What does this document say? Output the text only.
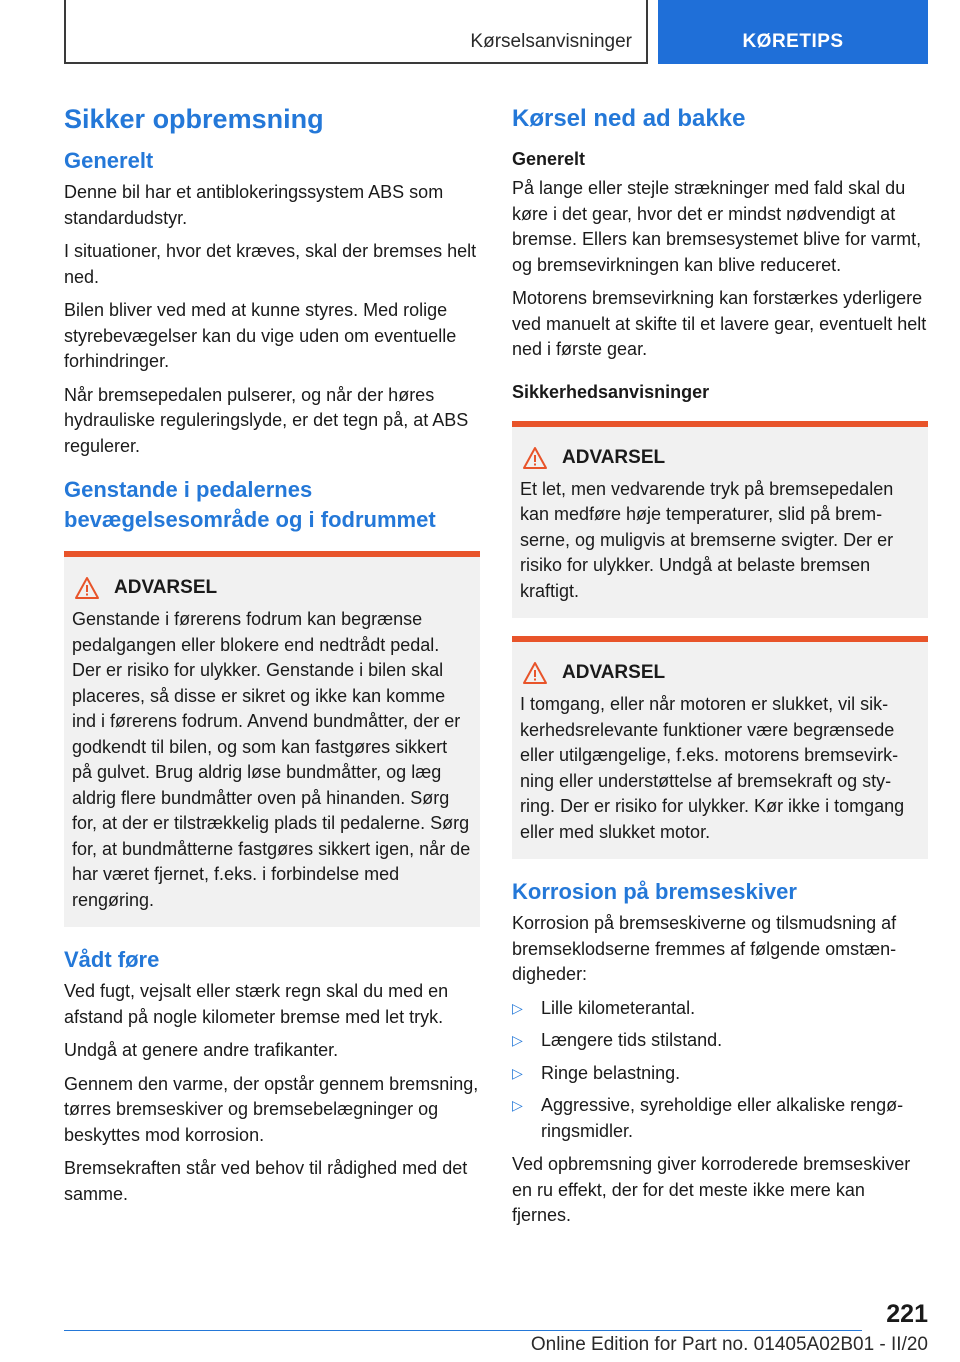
Kørselsanvisninger	KØRETIPS
Sikker opbremsning
Generelt

Denne bil har et antiblokeringssystem ABS som standardudstyr.

I situationer, hvor det kræves, skal der bremses helt ned.

Bilen bliver ved med at kunne styres. Med rolige styrebevægelser kan du vige uden om eventuelle forhindringer.

Når bremsepedalen pulserer, og når der høres hydrauliske reguleringslyde, er det tegn på, at ABS regulerer.

Genstande i pedalernes bevægelsesområde og i fodrummet
ADVARSEL

Genstande i førerens fodrum kan begrænse pedalgangen eller blokere end nedtrådt pedal. Der er risiko for ulykker. Genstande i bilen skal placeres, så disse er sikret og ikke kan komme ind i førerens fodrum. Anvend bundmåtter, der er godkendt til bilen, og som kan fastgøres sikkert på gulvet. Brug aldrig løse bundmåtter, og læg aldrig flere bundmåtter oven på hinanden. Sørg for, at der er tilstrækkelig plads til pedalerne. Sørg for, at bundmåtterne fastgøres sikkert igen, når de har været fjernet, f.eks. i forbindelse med rengøring.

Vådt føre

Ved fugt, vejsalt eller stærk regn skal du med en afstand på nogle kilometer bremse med let tryk.

Undgå at genere andre trafikanter.

Gennem den varme, der opstår gennem bremsning, tørres bremseskiver og bremsebelægninger og beskyttes mod korrosion.

Bremsekraften står ved behov til rådighed med det samme.

Kørsel ned ad bakke
Generelt

På lange eller stejle strækninger med fald skal du køre i det gear, hvor det er mindst nødvendigt at bremse. Ellers kan bremsesystemet blive for varmt, og bremsevirkningen kan blive reduceret.

Motorens bremsevirkning kan forstærkes yderligere ved manuelt at skifte til et lavere gear, eventuelt helt ned i første gear.

Sikkerhedsanvisninger
ADVARSEL

Et let, men vedvarende tryk på bremsepedalen kan medføre høje temperaturer, slid på bremserne, og muligvis at bremserne svigter. Der er risiko for ulykker. Undgå at belaste bremsen kraftigt.

ADVARSEL

I tomgang, eller når motoren er slukket, vil sikkerhedsrelevante funktioner være begrænsede eller utilgængelige, f.eks. motorens bremsevirkning eller understøttelse af bremsekraft og styring. Der er risiko for ulykker. Kør ikke i tomgang eller med slukket motor.

Korrosion på bremseskiver

Korrosion på bremseskiverne og tilsmudsning af bremseklodserne fremmes af følgende omstændigheder:

▷	Lille kilometerantal.
▷	Længere tids stilstand.
▷	Ringe belastning.
▷	Aggressive, syreholdige eller alkaliske rengøringsmidler.

Ved opbremsning giver korroderede bremseskiver en ru effekt, der for det meste ikke mere kan fjernes.

221
Online Edition for Part no. 01405A02B01 - II/20
